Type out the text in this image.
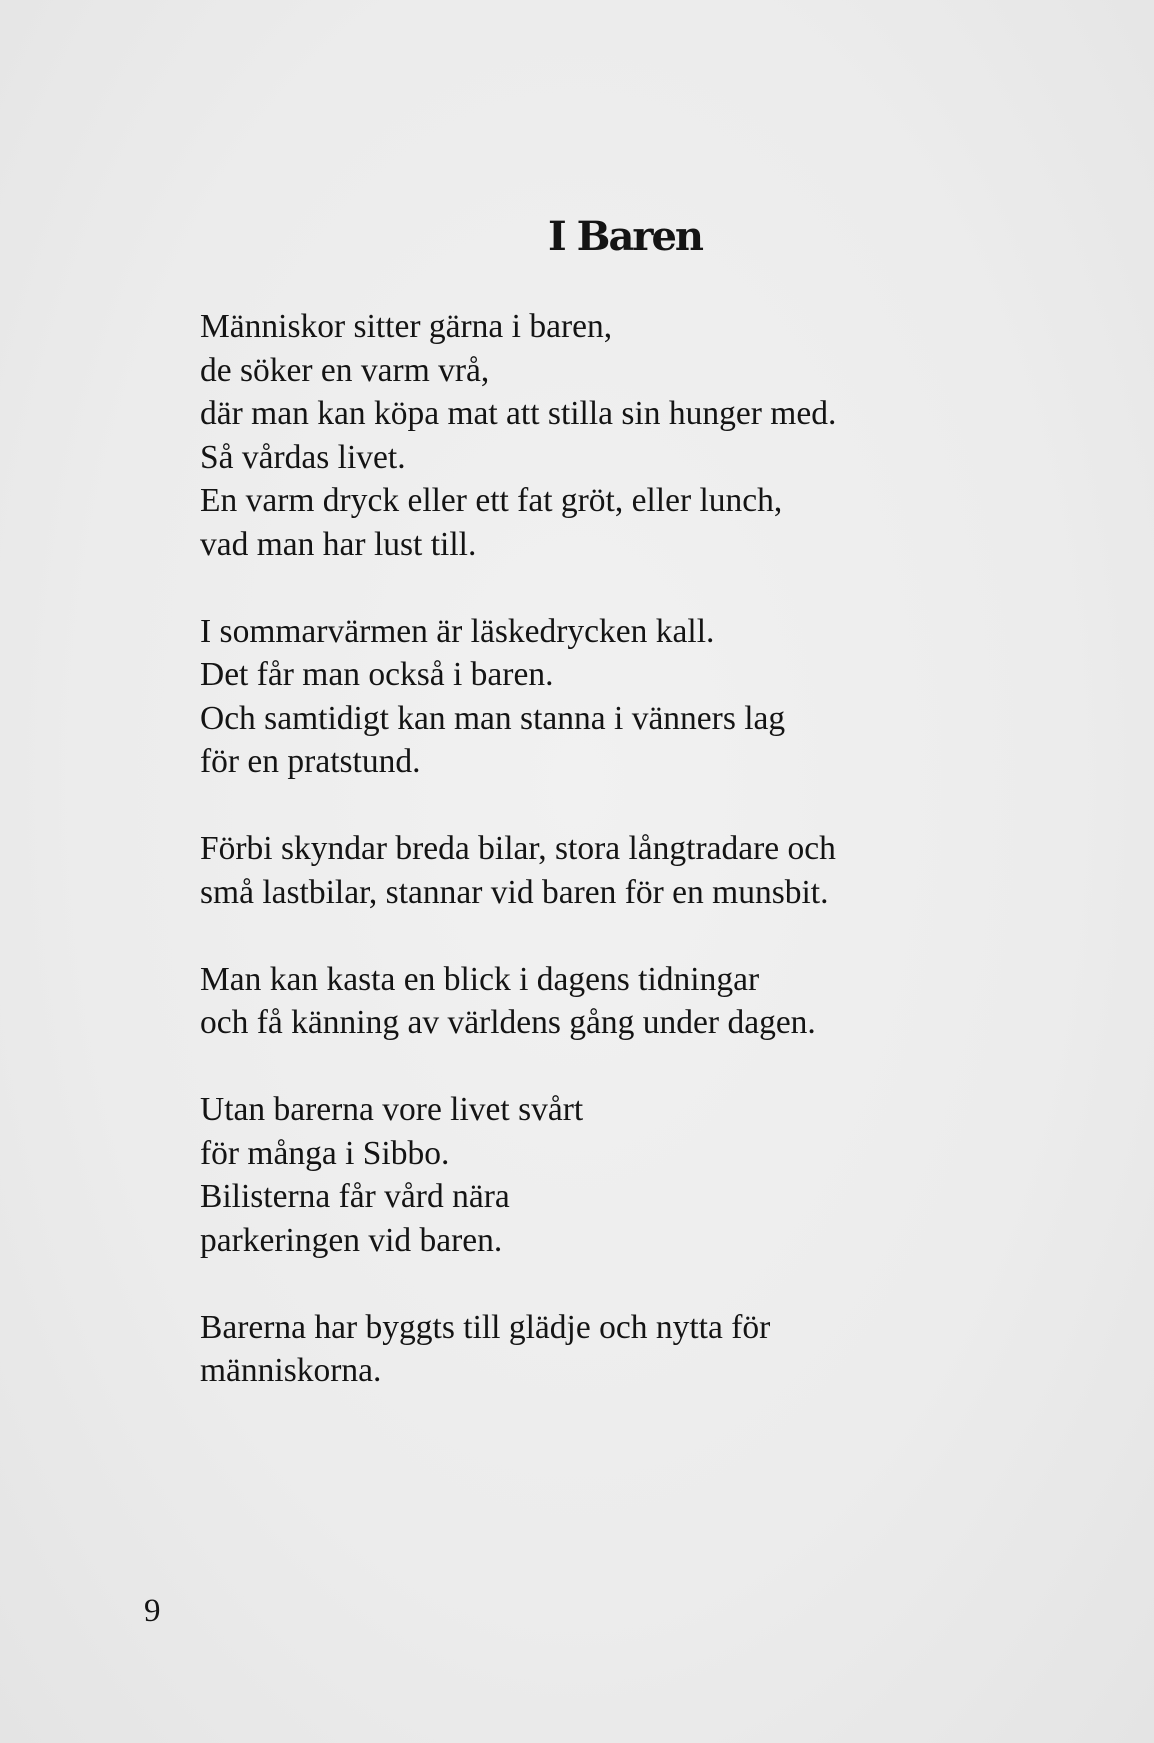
I Baren
Människor sitter gärna i baren,
de söker en varm vrå,
där man kan köpa mat att stilla sin hunger med.
Så vårdas livet.
En varm dryck eller ett fat gröt, eller lunch,
vad man har lust till.
I sommarvärmen är läskedrycken kall.
Det får man också i baren.
Och samtidigt kan man stanna i vänners lag
för en pratstund.
Förbi skyndar breda bilar, stora långtradare och
små lastbilar, stannar vid baren för en munsbit.
Man kan kasta en blick i dagens tidningar
och få känning av världens gång under dagen.
Utan barerna vore livet svårt
för många i Sibbo.
Bilisterna får vård nära
parkeringen vid baren.
Barerna har byggts till glädje och nytta för
människorna.
9
